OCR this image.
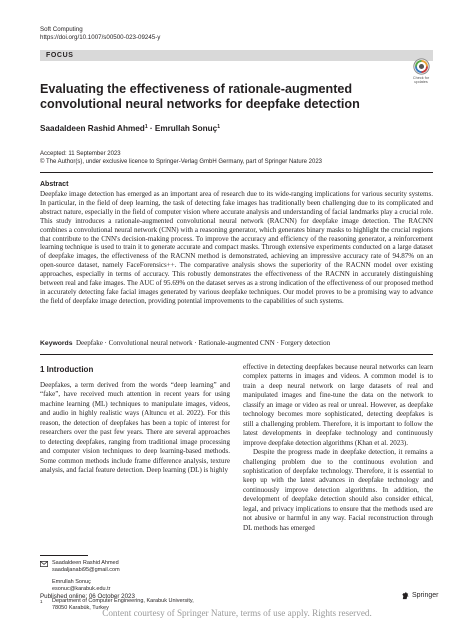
Soft Computing
https://doi.org/10.1007/s00500-023-09245-y
FOCUS
Check for
updates
Evaluating the effectiveness of rationale-augmented convolutional neural networks for deepfake detection
Saadaldeen Rashid Ahmed$^1$ · Emrullah Sonuç$^1$
Accepted: 11 September 2023
© The Author(s), under exclusive licence to Springer-Verlag GmbH Germany, part of Springer Nature 2023
Abstract

Deepfake image detection has emerged as an important area of research due to its wide-ranging implications for various security systems. In particular, in the field of deep learning, the task of detecting fake images has traditionally been challenging due to its complicated and abstract nature, especially in the field of computer vision where accurate analysis and understanding of facial landmarks play a crucial role. This study introduces a rationale-augmented convolutional neural network (RACNN) for deepfake image detection. The RACNN combines a convolutional neural network (CNN) with a reasoning generator, which generates binary masks to highlight the crucial regions that contribute to the CNN's decision-making process. To improve the accuracy and efficiency of the reasoning generator, a reinforcement learning technique is used to train it to generate accurate and compact masks. Through extensive experiments conducted on a large dataset of deepfake images, the effectiveness of the RACNN method is demonstrated, achieving an impressive accuracy rate of 94.87% on an open-source dataset, namely FaceForensics++. The comparative analysis shows the superiority of the RACNN model over existing approaches, especially in terms of accuracy. This robustly demonstrates the effectiveness of the RACNN in accurately distinguishing between real and fake images. The AUC of 95.69% on the dataset serves as a strong indication of the effectiveness of our proposed method in accurately detecting fake facial images generated by various deepfake techniques. Our model proves to be a promising way to advance the field of deepfake image detection, providing potential improvements to the capabilities of such systems.

Keywords Deepfake · Convolutional neural network · Rationale-augmented CNN · Forgery detection
1 Introduction

Deepfakes, a term derived from the words “deep learning” and “fake”, have received much attention in recent years for using machine learning (ML) techniques to manipulate images, videos, and audio in highly realistic ways (Altuncu et al. 2022). For this reason, the detection of deepfakes has been a topic of interest for researchers over the past few years. There are several approaches to detecting deepfakes, ranging from traditional image processing and computer vision techniques to deep learning-based methods. Some common methods include frame difference analysis, texture analysis, and facial feature detection. Deep learning (DL) is highly

effective in detecting deepfakes because neural networks can learn complex patterns in images and videos. A common model is to train a deep neural network on large datasets of real and manipulated images and fine-tune the data on the network to classify an image or video as real or unreal. However, as deepfake technology becomes more sophisticated, detecting deepfakes is still a challenging problem. Therefore, it is important to follow the latest developments in deepfake technology and continuously improve deepfake detection algorithms (Khan et al. 2023).

Despite the progress made in deepfake detection, it remains a challenging problem due to the continuous evolution and sophistication of deepfake technology. Therefore, it is essential to keep up with the latest advances in deepfake technology and continuously improve detection algorithms. In addition, the development of deepfake detection should also consider ethical, legal, and privacy implications to ensure that the methods used are not abusive or harmful in any way. Facial reconstruction through DL methods has emerged

Saadaldeen Rashid Ahmed
saadaljanabi95@gmail.com
Emrullah Sonuç
esonuc@karabuk.edu.tr
1	Department of Computer Engineering, Karabuk University,
78050 Karabük, Turkey
Published online: 06 October 2023	Springer
Content courtesy of Springer Nature, terms of use apply. Rights reserved.
